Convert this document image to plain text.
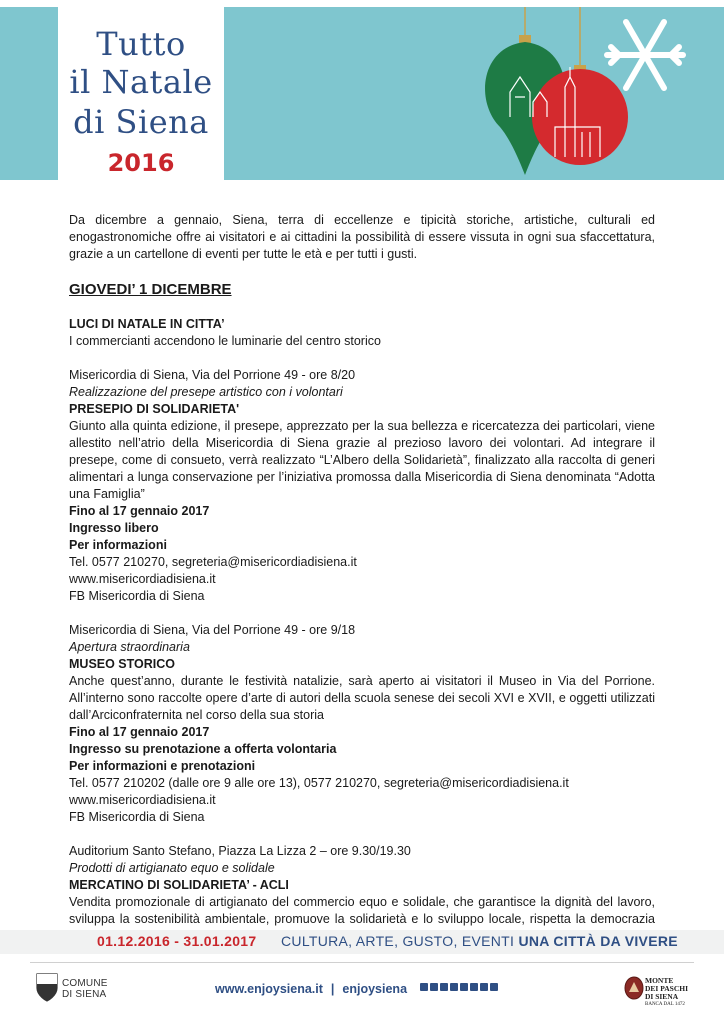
Tutto
il Natale
di Siena
2016

Da dicembre a gennaio, Siena, terra di eccellenze e tipicità storiche, artistiche, culturali ed enogastronomiche offre ai visitatori e ai cittadini la possibilità di essere vissuta in ogni sua sfaccettatura, grazie a un cartellone di eventi per tutte le età e per tutti i gusti.

GIOVEDI’ 1 DICEMBRE

LUCI DI NATALE IN CITTA’

I commercianti accendono le luminarie del centro storico

Misericordia di Siena, Via del Porrione 49 - ore 8/20

Realizzazione del presepe artistico con i volontari

PRESEPIO DI SOLIDARIETA'

Giunto alla quinta edizione, il presepe, apprezzato per la sua bellezza e ricercatezza dei particolari, viene allestito nell’atrio della Misericordia di Siena grazie al prezioso lavoro dei volontari. Ad integrare il presepe, come di consueto, verrà realizzato “L’Albero della Solidarietà”, finalizzato alla raccolta di generi alimentari a lunga conservazione per l’iniziativa promossa dalla Misericordia di Siena denominata “Adotta una Famiglia”

Fino al 17 gennaio 2017

Ingresso libero

Per informazioni

Tel. 0577 210270, segreteria@misericordiadisiena.it

www.misericordiadisiena.it

FB Misericordia di Siena

Misericordia di Siena, Via del Porrione 49 - ore 9/18

Apertura straordinaria

MUSEO STORICO

Anche quest’anno, durante le festività natalizie, sarà aperto ai visitatori il Museo in Via del Porrione. All’interno sono raccolte opere d’arte di autori della scuola senese dei secoli XVI e XVII, e oggetti utilizzati dall’Arciconfraternita nel corso della sua storia

Fino al 17 gennaio 2017

Ingresso su prenotazione a offerta volontaria

Per informazioni e prenotazioni

Tel. 0577 210202 (dalle ore 9 alle ore 13), 0577 210270, segreteria@misericordiadisiena.it

www.misericordiadisiena.it

FB Misericordia di Siena

Auditorium Santo Stefano, Piazza La Lizza 2 – ore 9.30/19.30

Prodotti di artigianato equo e solidale

MERCATINO DI SOLIDARIETA’ - ACLI

Vendita promozionale di artigianato del commercio equo e solidale, che garantisce la dignità del lavoro, sviluppa la sostenibilità ambientale, promuove la solidarietà e lo sviluppo locale, rispetta la democrazia

01.12.2016 - 31.01.2017 CULTURA, ARTE, GUSTO, EVENTI UNA CITTÀ DA VIVERE
COMUNE
DI SIENA	www.enjoysiena.it | enjoysiena
MONTE
DEI PASCHI
DI SIENA
BANCA DAL 1472
